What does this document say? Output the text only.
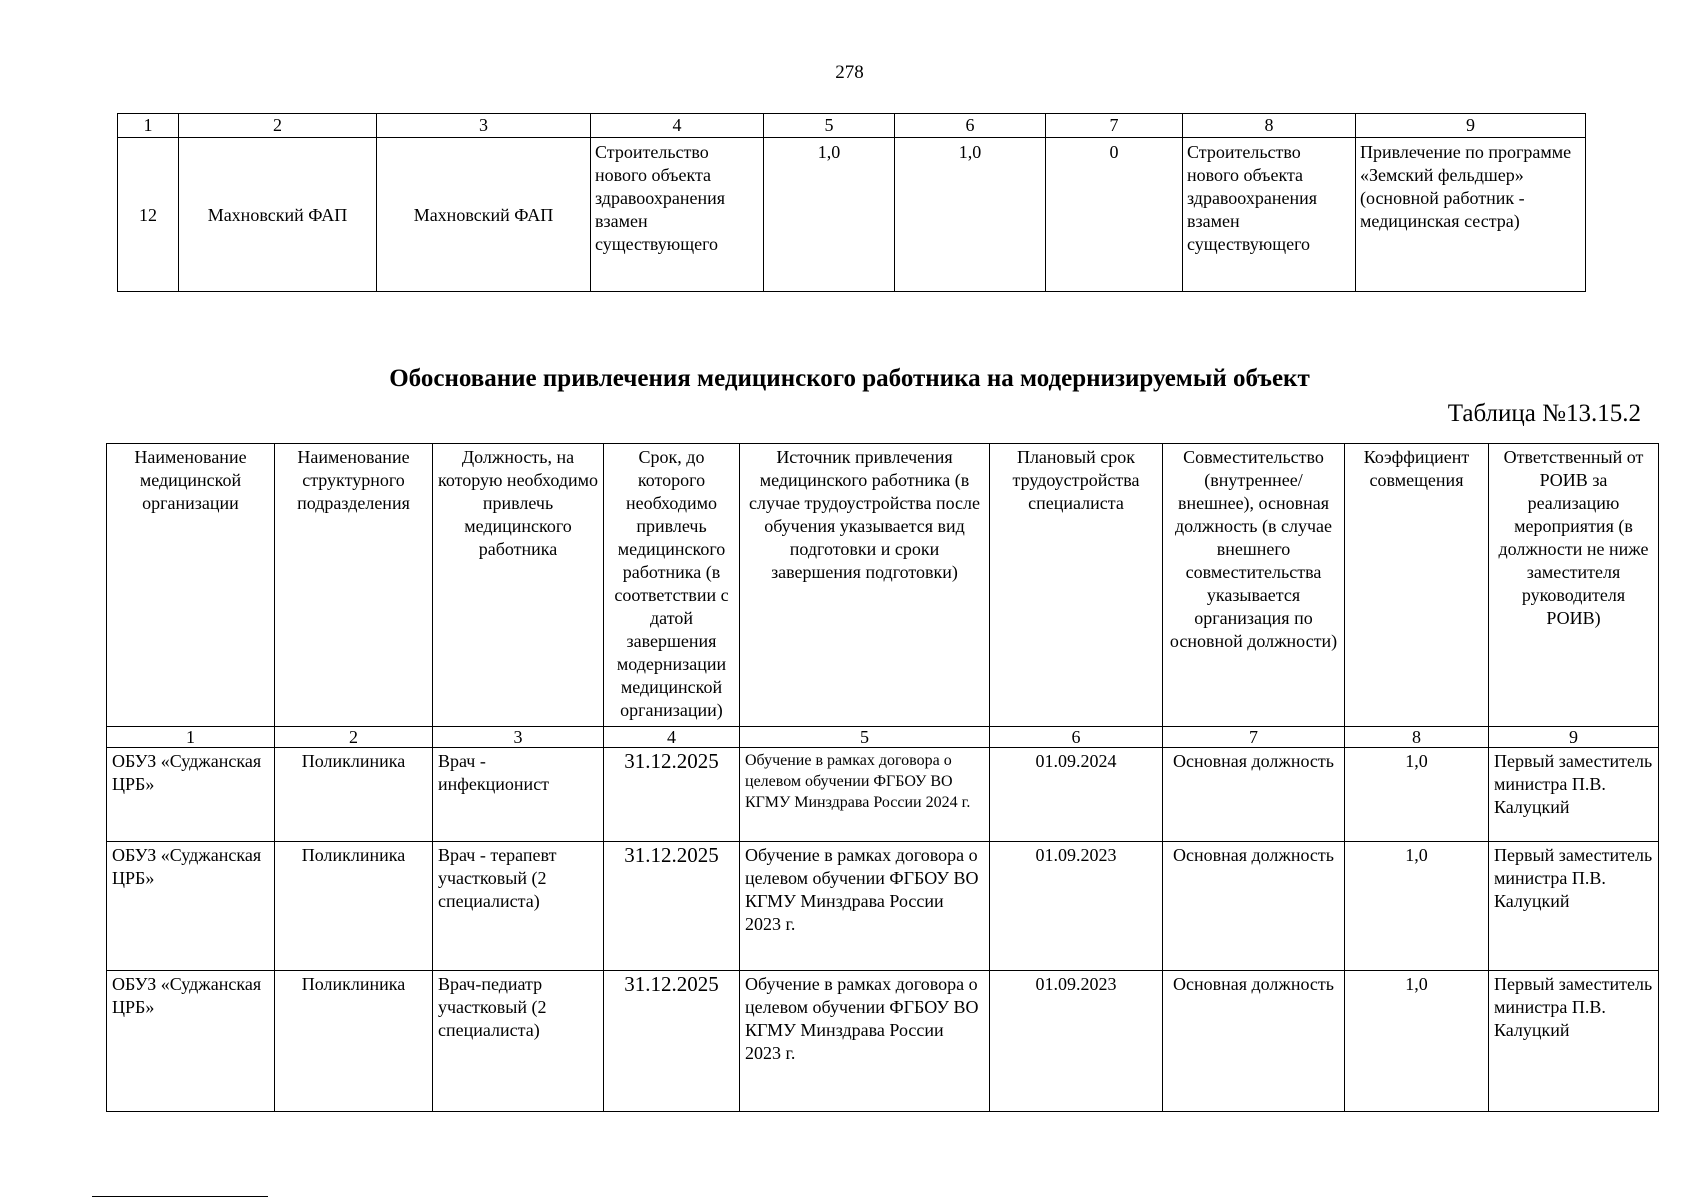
278
1	2	3	4	5	6	7	8	9
12	Махновский ФАП	Махновский ФАП	Строительство нового объекта здравоохранения взамен существующего	1,0	1,0	0	Строительство нового объекта здравоохранения взамен существующего	Привлечение по программе «Земский фельдшер» (основной работник - медицинская сестра)
Обоснование привлечения медицинского работника на модернизируемый объект
Таблица №13.15.2
Наименование медицинской организации	Наименование структурного подразделения	Должность, на которую необходимо привлечь медицинского работника	Срок, до которого необходимо привлечь медицинского работника (в соответствии с датой завершения модернизации медицинской организации)	Источник привлечения медицинского работника (в случае трудоустройства после обучения указывается вид подготовки и сроки завершения подготовки)	Плановый срок трудоустройства специалиста	Совместительство (внутреннее/внешнее), основная должность (в случае внешнего совместительства указывается организация по основной должности)	Коэффициент совмещения	Ответственный от РОИВ за реализацию мероприятия (в должности не ниже заместителя руководителя РОИВ)
1	2	3	4	5	6	7	8	9
ОБУЗ «Суджанская ЦРБ»	Поликлиника	Врач - инфекционист	31.12.2025	Обучение в рамках договора о целевом обучении ФГБОУ ВО КГМУ Минздрава России 2024 г.	01.09.2024	Основная должность	1,0	Первый заместитель министра П.В. Калуцкий
ОБУЗ «Суджанская ЦРБ»	Поликлиника	Врач - терапевт участковый (2 специалиста)	31.12.2025	Обучение в рамках договора о целевом обучении ФГБОУ ВО КГМУ Минздрава России 2023 г.	01.09.2023	Основная должность	1,0	Первый заместитель министра П.В. Калуцкий
ОБУЗ «Суджанская ЦРБ»	Поликлиника	Врач-педиатр участковый (2 специалиста)	31.12.2025	Обучение в рамках договора о целевом обучении ФГБОУ ВО КГМУ Минздрава России 2023 г.	01.09.2023	Основная должность	1,0	Первый заместитель министра П.В. Калуцкий
